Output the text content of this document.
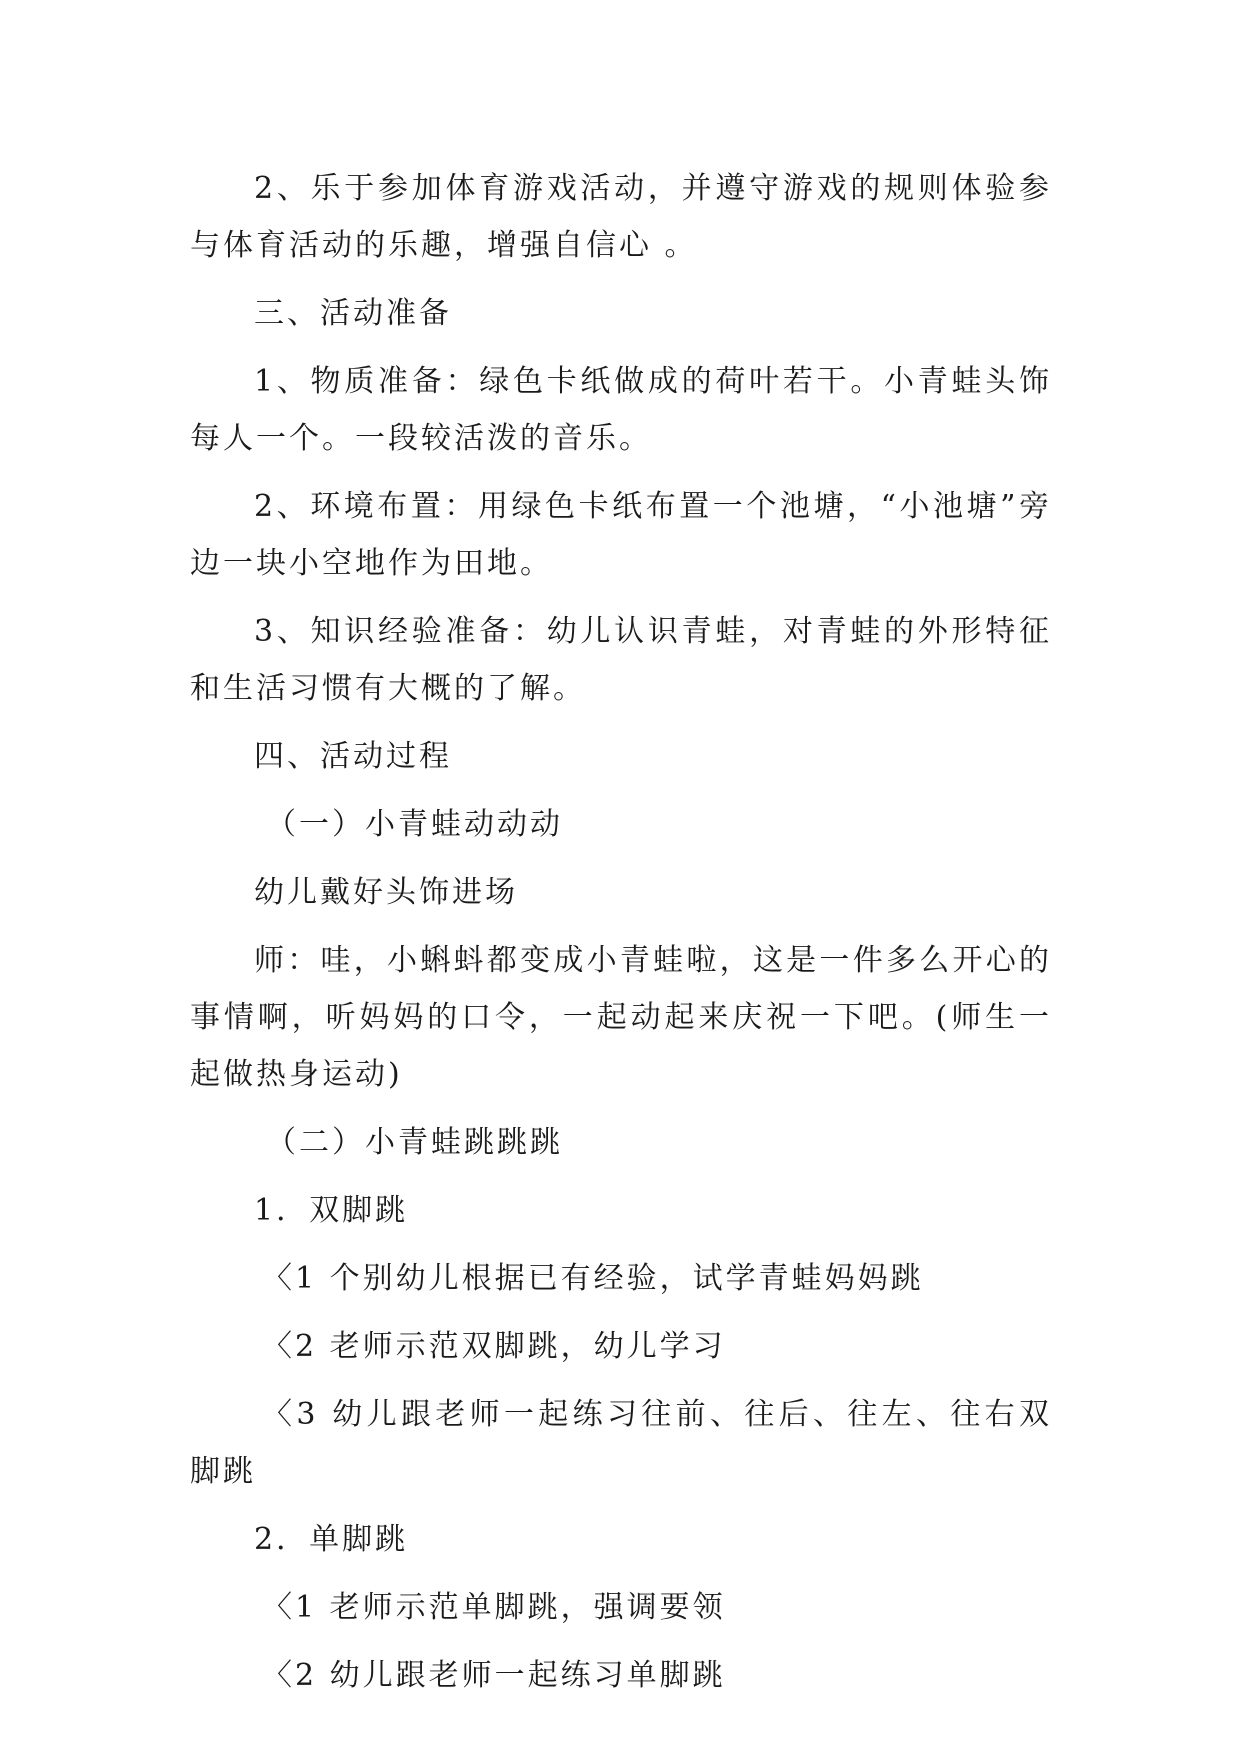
2、乐于参加体育游戏活动，并遵守游戏的规则体验参与体育活动的乐趣，增强自信心 。

三、活动准备

1、物质准备：绿色卡纸做成的荷叶若干。小青蛙头饰每人一个。一段较活泼的音乐。

2、环境布置：用绿色卡纸布置一个池塘，“小池塘”旁边一块小空地作为田地。

3、知识经验准备：幼儿认识青蛙，对青蛙的外形特征和生活习惯有大概的了解。

四、活动过程

（一）小青蛙动动动

幼儿戴好头饰进场

师：哇，小蝌蚪都变成小青蛙啦，这是一件多么开心的事情啊，听妈妈的口令，一起动起来庆祝一下吧。(师生一起做热身运动)

（二）小青蛙跳跳跳

1．双脚跳

〈1 个别幼儿根据已有经验，试学青蛙妈妈跳

〈2 老师示范双脚跳，幼儿学习

〈3 幼儿跟老师一起练习往前、往后、往左、往右双脚跳

2．单脚跳

〈1 老师示范单脚跳，强调要领

〈2 幼儿跟老师一起练习单脚跳
